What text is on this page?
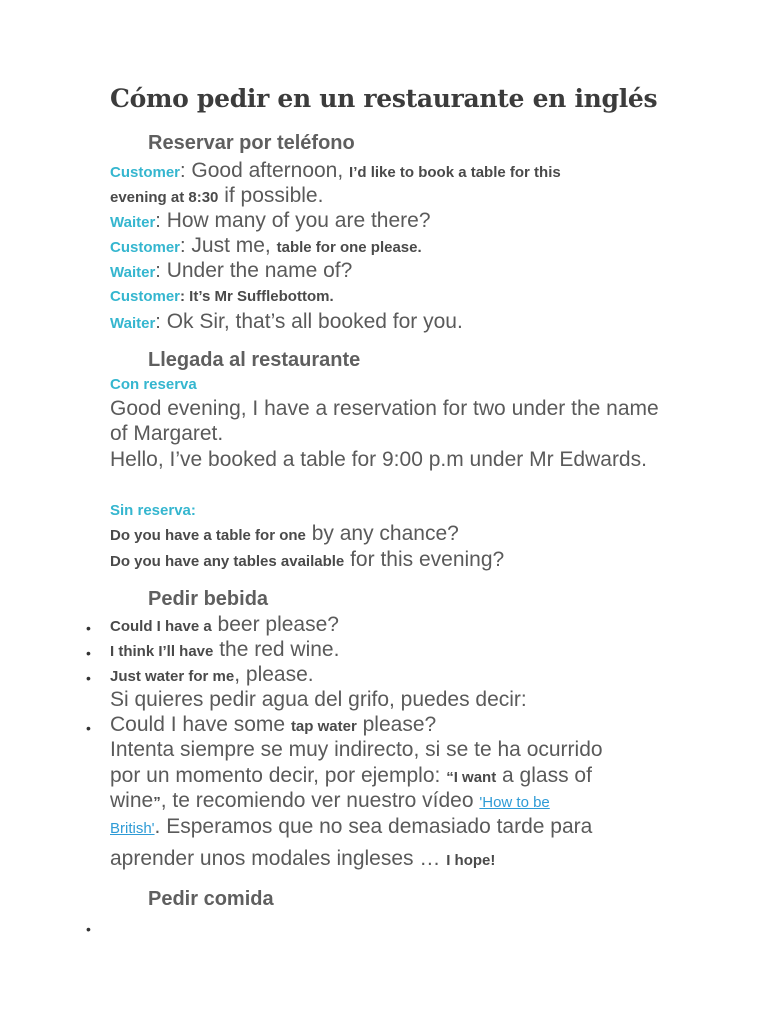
Cómo pedir en un restaurante en inglés
Reservar por teléfono
Customer: Good afternoon, I’d like to book a table for this
evening at 8:30 if possible.
Waiter: How many of you are there?
Customer: Just me, table for one please.
Waiter: Under the name of?
Customer: It’s Mr Sufflebottom.
Waiter: Ok Sir, that’s all booked for you.
Llegada al restaurante
Con reserva

Good evening, I have a reservation for two under the name of Margaret.

Hello, I’ve booked a table for 9:00 p.m under Mr Edwards.

Sin reserva:
Do you have a table for one by any chance?
Do you have any tables available for this evening?
Pedir bebida
• Could I have a beer please?
• I think I’ll have the red wine.
• Just water for me, please.
Si quieres pedir agua del grifo, puedes decir:
• Could I have some tap water please?
Intenta siempre se muy indirecto, si se te ha ocurrido
por un momento decir, por ejemplo: “I want a glass of
wine”, te recomiendo ver nuestro vídeo 'How to be
British'. Esperamos que no sea demasiado tarde para
aprender unos modales ingleses … I hope!
Pedir comida
•
